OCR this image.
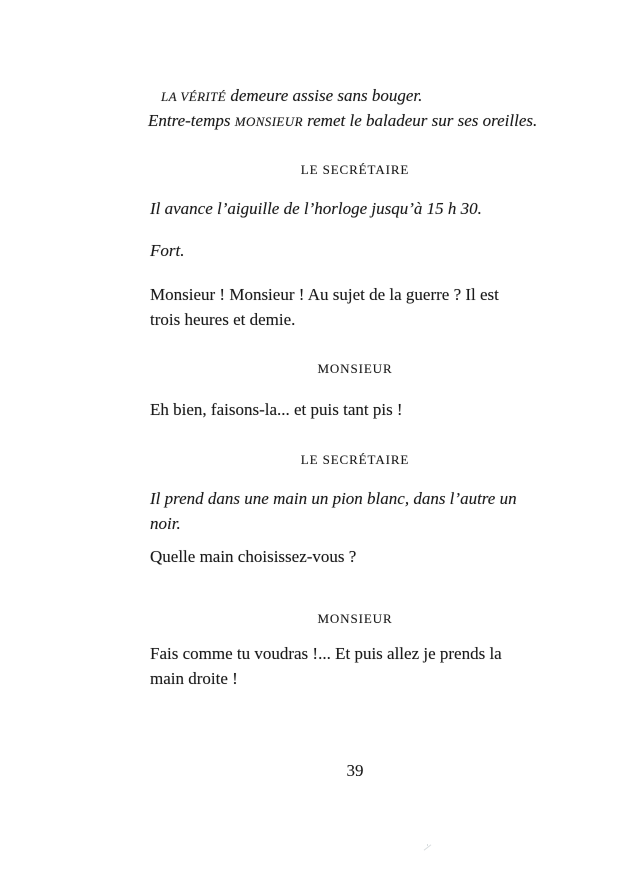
LA VÉRITÉ demeure assise sans bouger.
Entre-temps MONSIEUR remet le baladeur sur ses oreilles.
LE SECRÉTAIRE
Il avance l’aiguille de l’horloge jusqu’à 15 h 30.
Fort.
Monsieur ! Monsieur ! Au sujet de la guerre ? Il est
trois heures et demie.
MONSIEUR
Eh bien, faisons-la... et puis tant pis !
LE SECRÉTAIRE
Il prend dans une main un pion blanc, dans l’autre un
noir.
Quelle main choisissez-vous ?
MONSIEUR
Fais comme tu voudras !... Et puis allez je prends la
main droite !
39
